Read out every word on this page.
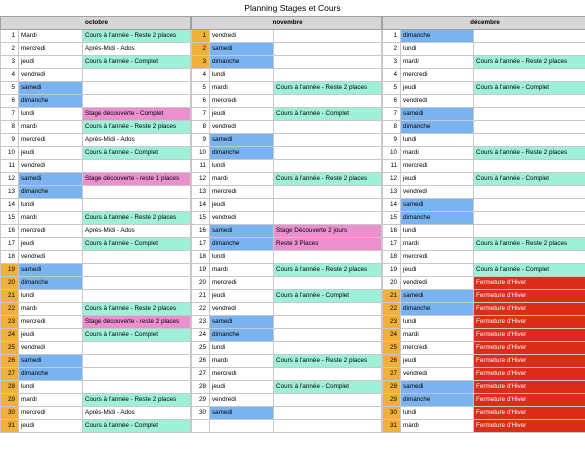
Planning Stages et Cours
octobre			novembre			décembre		
1	Mardi	Cours à l'année - Reste 2 places		1	vendredi			1	dimanche	
2	mercredi	Après-Midi - Ados		2	samedi			2	lundi	
3	jeudi	Cours à l'année - Complet		3	dimanche			3	mardi	Cours à l'année - Reste 2 places
4	vendredi			4	lundi			4	mercredi	
5	samedi			5	mardi	Cours à l'année - Reste 2 places		5	jeudi	Cours à l'année - Complet
6	dimanche			6	mercredi			6	vendredi	
7	lundi	Stage découverte - Complet		7	jeudi	Cours à l'année - Complet		7	samedi	
8	mardi	Cours à l'année - Reste 2 places		8	vendredi			8	dimanche	
9	mercredi	Après-Midi - Ados		9	samedi			9	lundi	
10	jeudi	Cours à l'année - Complet		10	dimanche			10	mardi	Cours à l'année - Reste 2 places
11	vendredi			11	lundi			11	mercredi	
12	samedi	Stage découverte - reste 1 places		12	mardi	Cours à l'année - Reste 2 places		12	jeudi	Cours à l'année - Complet
13	dimanche			13	mercredi			13	vendredi	
14	lundi			14	jeudi			14	samedi	
15	mardi	Cours à l'année - Reste 2 places		15	vendredi			15	dimanche	
16	mercredi	Après-Midi - Ados		16	samedi	Stage Découverte 2 jours		16	lundi	
17	jeudi	Cours à l'année - Complet		17	dimanche	Reste 3 Places		17	mardi	Cours à l'année - Reste 2 places
18	vendredi			18	lundi			18	mercredi	
19	samedi			19	mardi	Cours à l'année - Reste 2 places		19	jeudi	Cours à l'année - Complet
20	dimanche			20	mercredi			20	vendredi	Fermeture d'Hiver
21	lundi			21	jeudi	Cours à l'année - Complet		21	samedi	Fermeture d'Hiver
22	mardi	Cours à l'année - Reste 2 places		22	vendredi			22	dimanche	Fermeture d'Hiver
23	mercredi	Stage découverte - reste 2 places		23	samedi			23	lundi	Fermeture d'Hiver
24	jeudi	Cours à l'année - Complet		24	dimanche			24	mardi	Fermeture d'Hiver
25	vendredi			25	lundi			25	mercredi	Fermeture d'Hiver
26	samedi			26	mardi	Cours à l'année - Reste 2 places		26	jeudi	Fermeture d'Hiver
27	dimanche			27	mercredi			27	vendredi	Fermeture d'Hiver
28	lundi			28	jeudi	Cours à l'année - Complet		28	samedi	Fermeture d'Hiver
29	mardi	Cours à l'année - Reste 2 places		29	vendredi			29	dimanche	Fermeture d'Hiver
30	mercredi	Après-Midi - Ados		30	samedi			30	lundi	Fermeture d'Hiver
31	jeudi	Cours à l'année - Complet						31	mardi	Fermeture d'Hiver
